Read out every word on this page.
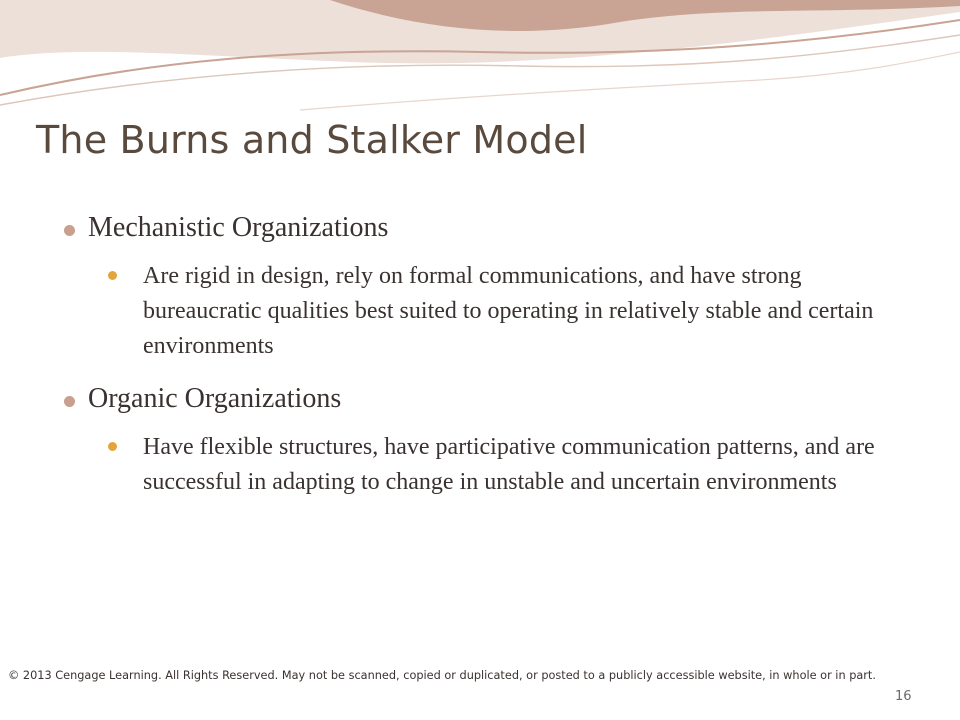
The Burns and Stalker Model
Mechanistic Organizations
Are rigid in design, rely on formal communications, and have strong bureaucratic qualities best suited to operating in relatively stable and certain environments
Organic Organizations
Have flexible structures, have participative communication patterns, and are successful in adapting to change in unstable and uncertain environments
© 2013 Cengage Learning. All Rights Reserved. May not be scanned, copied or duplicated, or posted to a publicly accessible website, in whole or in part.
16
